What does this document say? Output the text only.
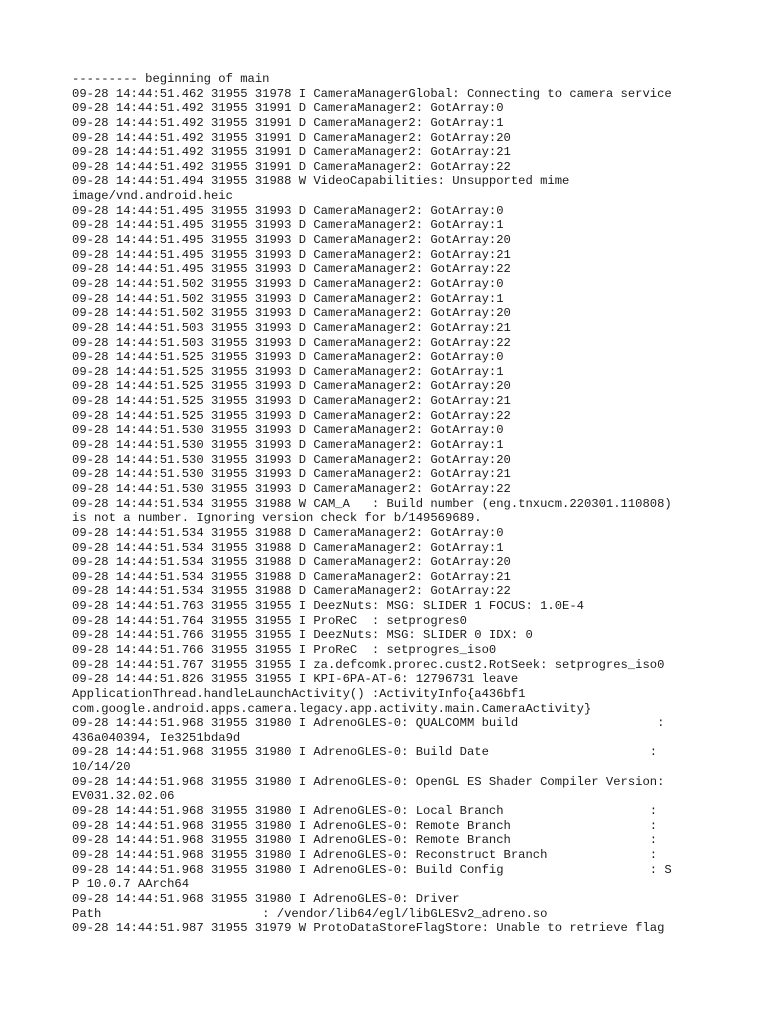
--------- beginning of main
09-28 14:44:51.462 31955 31978 I CameraManagerGlobal: Connecting to camera service
09-28 14:44:51.492 31955 31991 D CameraManager2: GotArray:0
09-28 14:44:51.492 31955 31991 D CameraManager2: GotArray:1
09-28 14:44:51.492 31955 31991 D CameraManager2: GotArray:20
09-28 14:44:51.492 31955 31991 D CameraManager2: GotArray:21
09-28 14:44:51.492 31955 31991 D CameraManager2: GotArray:22
09-28 14:44:51.494 31955 31988 W VideoCapabilities: Unsupported mime
image/vnd.android.heic
09-28 14:44:51.495 31955 31993 D CameraManager2: GotArray:0
09-28 14:44:51.495 31955 31993 D CameraManager2: GotArray:1
09-28 14:44:51.495 31955 31993 D CameraManager2: GotArray:20
09-28 14:44:51.495 31955 31993 D CameraManager2: GotArray:21
09-28 14:44:51.495 31955 31993 D CameraManager2: GotArray:22
09-28 14:44:51.502 31955 31993 D CameraManager2: GotArray:0
09-28 14:44:51.502 31955 31993 D CameraManager2: GotArray:1
09-28 14:44:51.502 31955 31993 D CameraManager2: GotArray:20
09-28 14:44:51.503 31955 31993 D CameraManager2: GotArray:21
09-28 14:44:51.503 31955 31993 D CameraManager2: GotArray:22
09-28 14:44:51.525 31955 31993 D CameraManager2: GotArray:0
09-28 14:44:51.525 31955 31993 D CameraManager2: GotArray:1
09-28 14:44:51.525 31955 31993 D CameraManager2: GotArray:20
09-28 14:44:51.525 31955 31993 D CameraManager2: GotArray:21
09-28 14:44:51.525 31955 31993 D CameraManager2: GotArray:22
09-28 14:44:51.530 31955 31993 D CameraManager2: GotArray:0
09-28 14:44:51.530 31955 31993 D CameraManager2: GotArray:1
09-28 14:44:51.530 31955 31993 D CameraManager2: GotArray:20
09-28 14:44:51.530 31955 31993 D CameraManager2: GotArray:21
09-28 14:44:51.530 31955 31993 D CameraManager2: GotArray:22
09-28 14:44:51.534 31955 31988 W CAM_A   : Build number (eng.tnxucm.220301.110808)
is not a number. Ignoring version check for b/149569689.
09-28 14:44:51.534 31955 31988 D CameraManager2: GotArray:0
09-28 14:44:51.534 31955 31988 D CameraManager2: GotArray:1
09-28 14:44:51.534 31955 31988 D CameraManager2: GotArray:20
09-28 14:44:51.534 31955 31988 D CameraManager2: GotArray:21
09-28 14:44:51.534 31955 31988 D CameraManager2: GotArray:22
09-28 14:44:51.763 31955 31955 I DeezNuts: MSG: SLIDER 1 FOCUS: 1.0E-4
09-28 14:44:51.764 31955 31955 I ProReC  : setprogres0
09-28 14:44:51.766 31955 31955 I DeezNuts: MSG: SLIDER 0 IDX: 0
09-28 14:44:51.766 31955 31955 I ProReC  : setprogres_iso0
09-28 14:44:51.767 31955 31955 I za.defcomk.prorec.cust2.RotSeek: setprogres_iso0
09-28 14:44:51.826 31955 31955 I KPI-6PA-AT-6: 12796731 leave
ApplicationThread.handleLaunchActivity() :ActivityInfo{a436bf1
com.google.android.apps.camera.legacy.app.activity.main.CameraActivity}
09-28 14:44:51.968 31955 31980 I AdrenoGLES-0: QUALCOMM build                   :
436a040394, Ie3251bda9d
09-28 14:44:51.968 31955 31980 I AdrenoGLES-0: Build Date                      :
10/14/20
09-28 14:44:51.968 31955 31980 I AdrenoGLES-0: OpenGL ES Shader Compiler Version:
EV031.32.02.06
09-28 14:44:51.968 31955 31980 I AdrenoGLES-0: Local Branch                    :
09-28 14:44:51.968 31955 31980 I AdrenoGLES-0: Remote Branch                   :
09-28 14:44:51.968 31955 31980 I AdrenoGLES-0: Remote Branch                   :
09-28 14:44:51.968 31955 31980 I AdrenoGLES-0: Reconstruct Branch              :
09-28 14:44:51.968 31955 31980 I AdrenoGLES-0: Build Config                    : S
P 10.0.7 AArch64
09-28 14:44:51.968 31955 31980 I AdrenoGLES-0: Driver
Path                      : /vendor/lib64/egl/libGLESv2_adreno.so
09-28 14:44:51.987 31955 31979 W ProtoDataStoreFlagStore: Unable to retrieve flag
